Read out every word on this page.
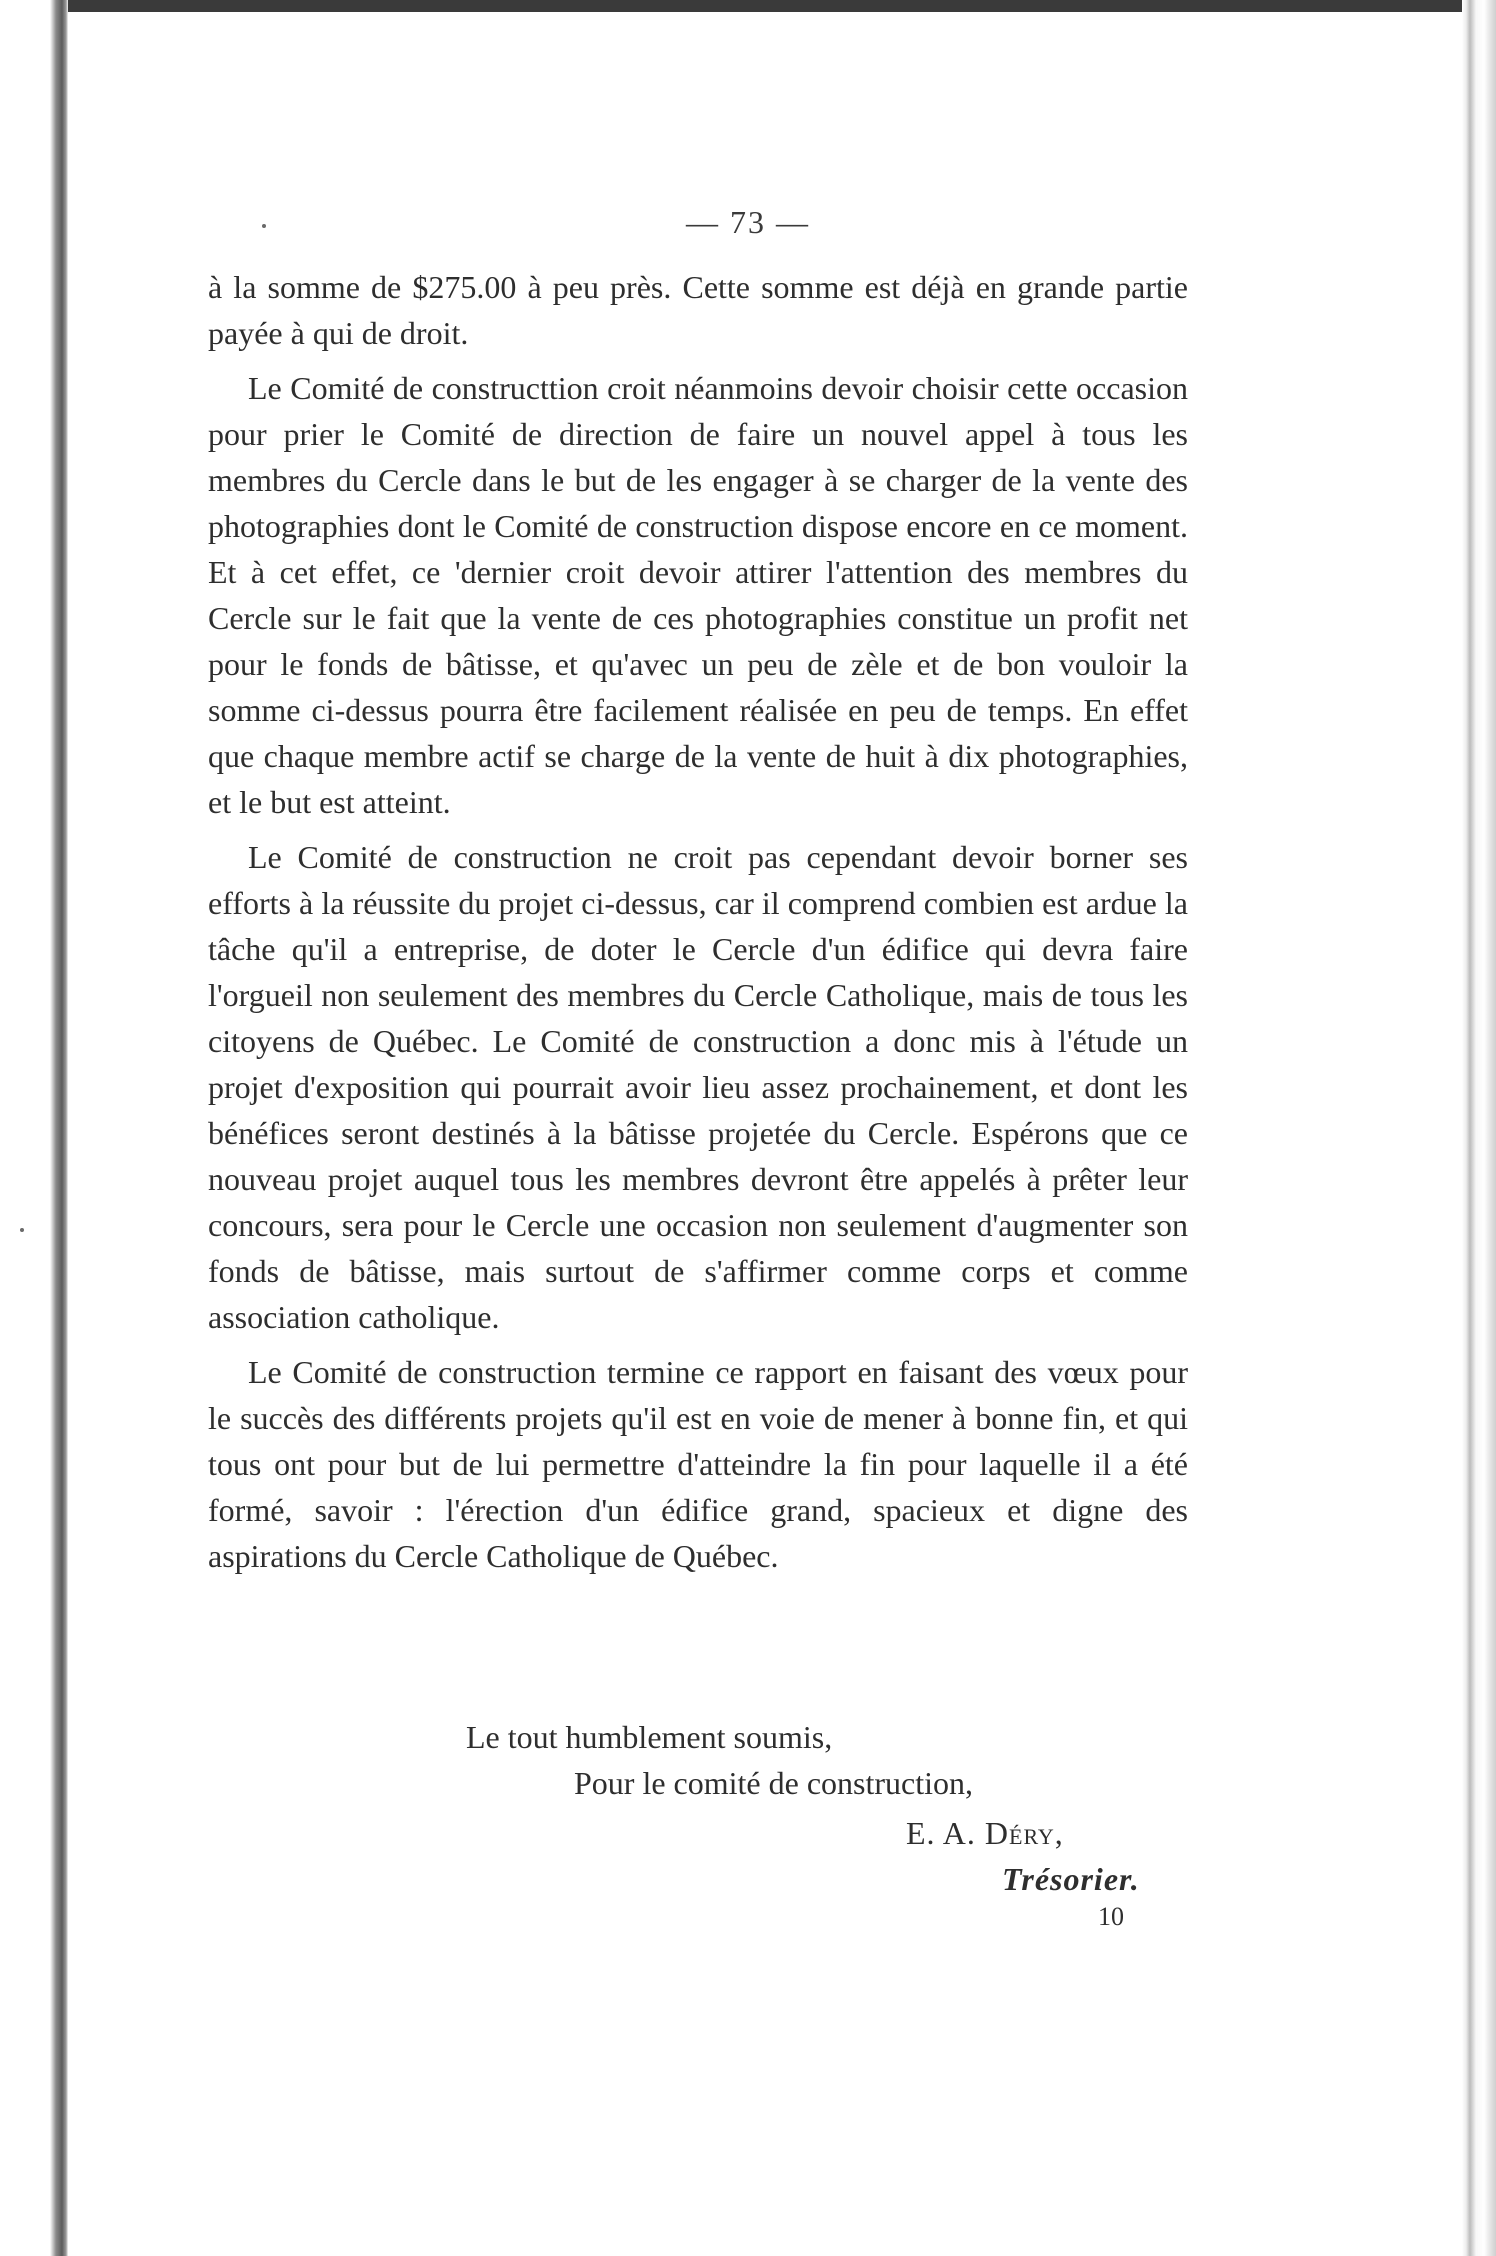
— 73 —

à la somme de $275.00 à peu près. Cette somme est déjà en grande partie payée à qui de droit.

Le Comité de constructtion croit néanmoins devoir choisir cette occasion pour prier le Comité de direction de faire un nouvel appel à tous les membres du Cercle dans le but de les engager à se charger de la vente des photographies dont le Comité de construction dispose encore en ce moment. Et à cet effet, ce 'dernier croit devoir attirer l'attention des membres du Cercle sur le fait que la vente de ces photographies constitue un profit net pour le fonds de bâtisse, et qu'avec un peu de zèle et de bon vouloir la somme ci-dessus pourra être facilement réalisée en peu de temps. En effet que chaque membre actif se charge de la vente de huit à dix photographies, et le but est atteint.

Le Comité de construction ne croit pas cependant devoir borner ses efforts à la réussite du projet ci-dessus, car il comprend combien est ardue la tâche qu'il a entreprise, de doter le Cercle d'un édifice qui devra faire l'orgueil non seulement des membres du Cercle Catholique, mais de tous les citoyens de Québec. Le Comité de construction a donc mis à l'étude un projet d'exposition qui pourrait avoir lieu assez prochainement, et dont les bénéfices seront destinés à la bâtisse projetée du Cercle. Espérons que ce nouveau projet auquel tous les membres devront être appelés à prêter leur concours, sera pour le Cercle une occasion non seulement d'augmenter son fonds de bâtisse, mais surtout de s'affirmer comme corps et comme association catholique.

Le Comité de construction termine ce rapport en faisant des vœux pour le succès des différents projets qu'il est en voie de mener à bonne fin, et qui tous ont pour but de lui permettre d'atteindre la fin pour laquelle il a été formé, savoir : l'érection d'un édifice grand, spacieux et digne des aspirations du Cercle Catholique de Québec.

Le tout humblement soumis,
Pour le comité de construction,
E. A. Déry,
Trésorier.
10
